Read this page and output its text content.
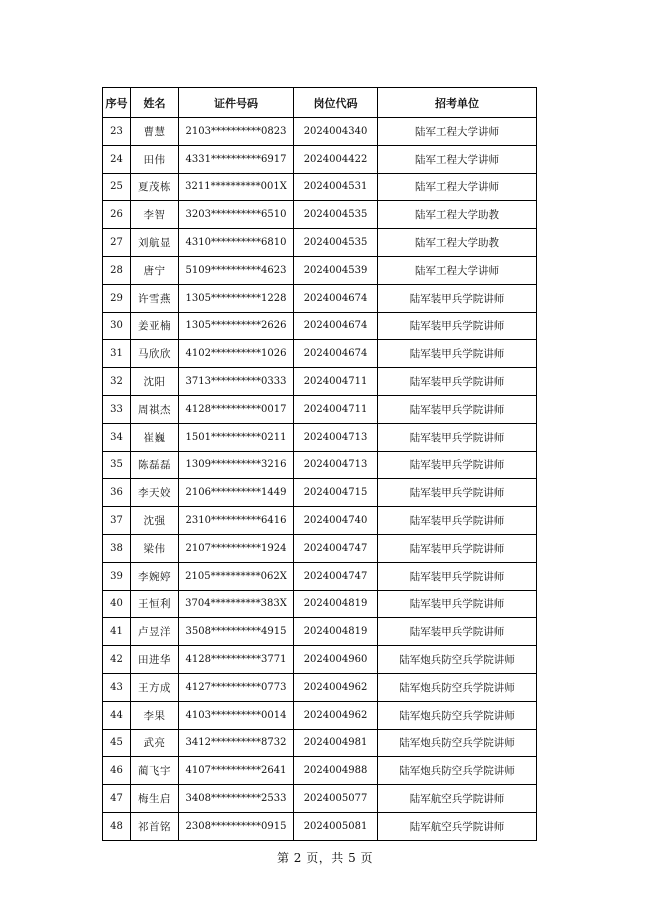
序号	姓名	证件号码	岗位代码	招考单位
23	曹慧	2103**********0823	2024004340	陆军工程大学讲师
24	田伟	4331**********6917	2024004422	陆军工程大学讲师
25	夏茂栋	3211**********001X	2024004531	陆军工程大学讲师
26	李智	3203**********6510	2024004535	陆军工程大学助教
27	刘航显	4310**********6810	2024004535	陆军工程大学助教
28	唐宁	5109**********4623	2024004539	陆军工程大学讲师
29	许雪燕	1305**********1228	2024004674	陆军装甲兵学院讲师
30	姜亚楠	1305**********2626	2024004674	陆军装甲兵学院讲师
31	马欣欣	4102**********1026	2024004674	陆军装甲兵学院讲师
32	沈阳	3713**********0333	2024004711	陆军装甲兵学院讲师
33	周祺杰	4128**********0017	2024004711	陆军装甲兵学院讲师
34	崔巍	1501**********0211	2024004713	陆军装甲兵学院讲师
35	陈磊磊	1309**********3216	2024004713	陆军装甲兵学院讲师
36	李天姣	2106**********1449	2024004715	陆军装甲兵学院讲师
37	沈强	2310**********6416	2024004740	陆军装甲兵学院讲师
38	梁伟	2107**********1924	2024004747	陆军装甲兵学院讲师
39	李婉婷	2105**********062X	2024004747	陆军装甲兵学院讲师
40	王恒利	3704**********383X	2024004819	陆军装甲兵学院讲师
41	卢昱洋	3508**********4915	2024004819	陆军装甲兵学院讲师
42	田进华	4128**********3771	2024004960	陆军炮兵防空兵学院讲师
43	王方成	4127**********0773	2024004962	陆军炮兵防空兵学院讲师
44	李果	4103**********0014	2024004962	陆军炮兵防空兵学院讲师
45	武亮	3412**********8732	2024004981	陆军炮兵防空兵学院讲师
46	蔺飞宇	4107**********2641	2024004988	陆军炮兵防空兵学院讲师
47	梅生启	3408**********2533	2024005077	陆军航空兵学院讲师
48	祁首铭	2308**********0915	2024005081	陆军航空兵学院讲师
第 2 页，共 5 页
